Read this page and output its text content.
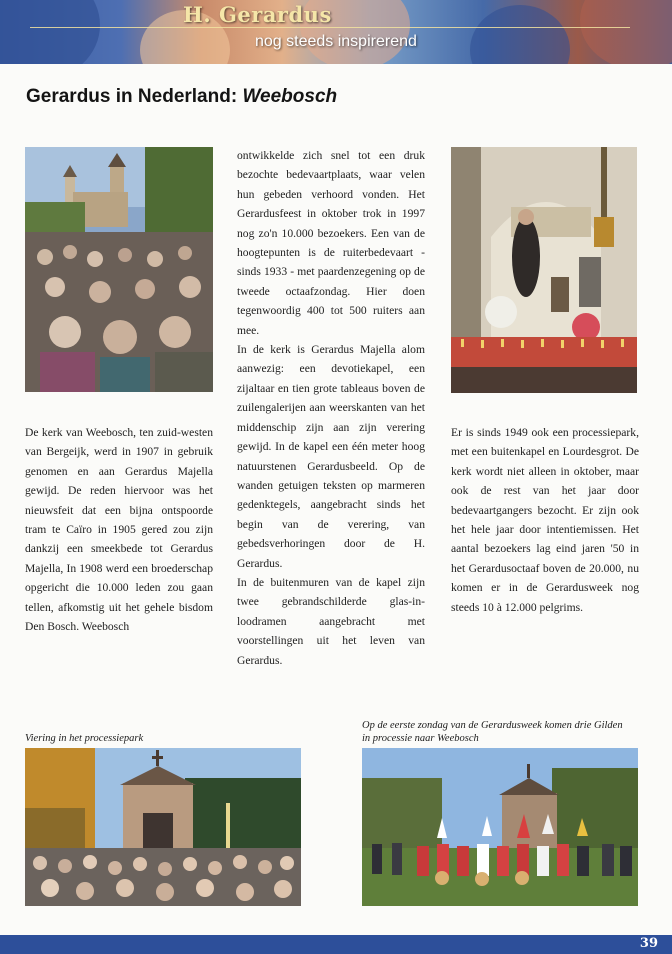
H. Gerardus
nog steeds inspirerend
Gerardus in Nederland: Weebosch

De kerk van Weebosch, ten zuid-westen van Bergeijk, werd in 1907 in gebruik genomen en aan Gerardus Majella gewijd. De reden hiervoor was het nieuwsfeit dat een bijna ontspoorde tram te Caïro in 1905 gered zou zijn dankzij een smeekbede tot Gerardus Majella, In 1908 werd een broederschap opgericht die 10.000 leden zou gaan tellen, afkomstig uit het gehele bisdom Den Bosch. Weebosch

ontwikkelde zich snel tot een druk bezochte bedevaartplaats, waar velen hun gebeden verhoord vonden. Het Gerardusfeest in oktober trok in 1997 nog zo'n 10.000 bezoekers. Een van de hoogtepunten is de ruiterbedevaart - sinds 1933 - met paardenzegening op de tweede octaafzondag. Hier doen tegenwoordig 400 tot 500 ruiters aan mee.

In de kerk is Gerardus Majella alom aanwezig: een devotiekapel, een zijaltaar en tien grote tableaus boven de zuilengalerijen aan weerskanten van het middenschip zijn aan zijn verering gewijd. In de kapel een één meter hoog natuurstenen Gerardusbeeld. Op de wanden getuigen teksten op marmeren gedenktegels, aangebracht sinds het begin van de verering, van gebedsverhoringen door de H. Gerardus.

In de buitenmuren van de kapel zijn twee gebrandschilderde glas-in-loodramen aangebracht met voorstellingen uit het leven van Gerardus.

Er is sinds 1949 ook een processiepark, met een buitenkapel en Lourdesgrot. De kerk wordt niet alleen in oktober, maar ook de rest van het jaar door bedevaartgangers bezocht. Er zijn ook het hele jaar door intentiemissen. Het aantal bezoekers lag eind jaren '50 in het Gerardusoctaaf boven de 20.000, nu komen er in de Gerardusweek nog steeds 10 à 12.000 pelgrims.

Viering in het processiepark
Op de eerste zondag van de Gerardusweek komen drie Gilden in processie naar Weebosch
39
